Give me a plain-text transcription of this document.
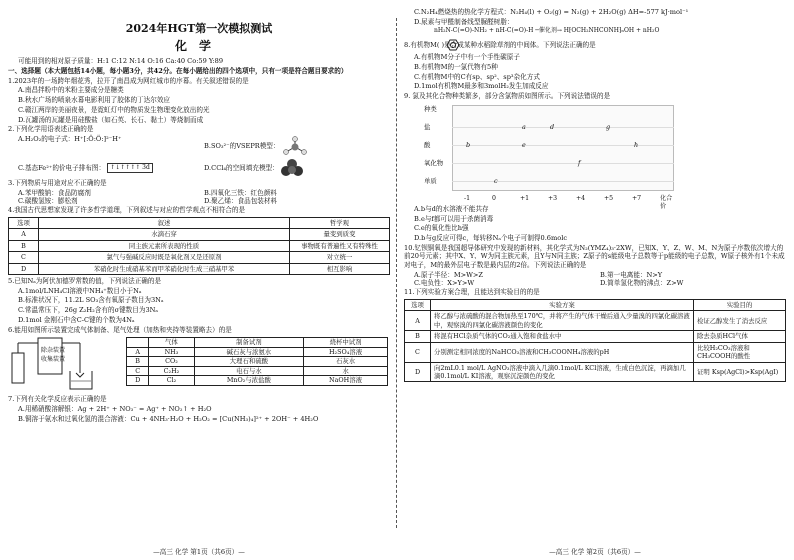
2024年HGT第一次模拟测试
化学
可能用到的相对原子质量：H:1 C:12 N:14 O:16 Ca:40 Co:59 Y:89
一、选择题（本大题包括14小题，每小题3分，共42分。在每小题给出的四个选项中，只有一项是符合题目要求的）
1.2023年的一场跨年烟花秀，拉开了南昌成为网红城市的序幕。有关叙述错误的是
A.南昌拌粉中的米粉主要成分是糖类
B.秋水广场的喷泉水幕电影利用了胶体的丁达尔效应
C.赣江两岸的美丽夜景，是霓虹灯中的物质发生物理变化放出的光
D.瓦罐汤的瓦罐是用硅酸盐（如石英、长石、黏土）等烧制而成
2.下列化学用语表述正确的是
A.H₂O₂的电子式：H⁺[:Ö:Ö:]²⁻H⁺
B.SO₃²⁻的VSEPR模型：
C.基态Fe²⁺的价电子排布图： ↑↓↑↑↑↑ 3d	D.CCl₄的空间填充模型：
3.下列物质与用途对应不正确的是
A.苯甲酸钠：食品防腐剂	B.四氧化三铁：红色颜料
C.碳酸氢铵：膨松剂	D.聚乙烯：食品包装材料
4.我国古代思想家发现了许多哲学道理，下列叙述与对应的哲学观点不相符合的是
选项	叙述	哲学观
A	水滴石穿	量变到质变
B	同主族元素所表现的性质	事物既有普遍性又有特殊性
C	氯气与强碱反应时既是氧化剂又是还原剂	对立统一
D	苯硝化时生成硝基苯而甲苯硝化时生成三硝基甲苯	相互影响
5.已知Nₐ为阿伏加德罗常数的值，下列说法正确的是
A.1mol/LNH₄Cl溶液中NH₄⁺数目小于Nₐ
B.标准状况下，11.2L SO₃含有氧原子数目为3Nₐ
C.常温常压下，26g Z₂H₂含有的σ键数目为3Nₐ
D.1mol 金刚石中含C-C键的个数为4Nₐ
6.能用如图所示装置完成气体制备、尾气处理（加热和夹持等装置略去）的是
除杂装置
收集装置
	气体	制备试剂	烧杯中试剂
A	NH₃	碱石灰与浓氨水	H₂SO₄溶液
B	CO₂	大理石和硫酸	石灰水
C	C₂H₂	电石与水	水
D	Cl₂	MnO₂与浓盐酸	NaOH溶液
7.下列有关化学反应表示正确的是
A.用稀硝酸溶解银：Ag + 2H⁺ + NO₃⁻ = Ag⁺ + NO₂↑ + H₂O
B.铜溶于氨水和过氧化氢的混合溶液：Cu + 4NH₃·H₂O + H₂O₂ = [Cu(NH₃)₄]²⁺ + 2OH⁻ + 4H₂O
—高三 化学 第1页（共6页）—
C.N₂H₄燃烧热的热化学方程式：N₂H₄(l) + O₂(g) = N₂(g) + 2H₂O(g) ΔH=-577 kJ·mol⁻¹
D.尿素与甲醛制备线型脲醛树脂：
nH₂N-C(=O)-NH₂ + nH-C(=O)-H ─催化剂→ H⁅OCH₂NHCONH⁆ₙOH + nH₂O
8.有机物M( )是合成某种水稻除草剂的中间体。下列说法正确的是
A.有机物M分子中有一个手性碳原子
B.有机物M的一氯代物有5种
C.有机物M中的C有sp、sp²、sp³杂化方式
D.1mol有机物M最多和3molH₂发生加成反应
9. 氯及其化合物种类繁多，部分含氯物质如图所示。下列说法错误的是
种类
盐
酸
氧化物
单质
-1	0	+1	+3	+4	+5	+7	化合价
a	d	g
b	e	h
f
c
A.b与d的水溶液不能共存
B.e与f都可以用于杀菌消毒
C.e的氧化性比h强
D.b与g反应可得c，每转移Nₐ个电子可制得0.6molc
10.钇钡铜氧是我国超导体研究中发现的新材料，其化学式为N₂(YMZ₄)₃·2XW，已知X、Y、Z、W、M、N为原子序数依次增大的前20号元素；其中X、Y、W为同主族元素，且Y与N同主族；Z原子的s能级电子总数等于p能级的电子总数，W原子核外有1个未成对电子，M的最外层电子数是最内层的2倍。下列说法正确的是
A.原子半径：M>W>Z	B.第一电离能：N>Y
C.电负性：X>Y>W	D.简单氢化物的沸点：Z>W
11.下列实验方案合理，且能达到实验目的的是
选项	实验方案	实验目的
A	将乙醇与浓硫酸的混合物加热至170℃，并将产生的气体干燥后通入少量溴的四氯化碳溶液中，观察溴的四氯化碳溶液颜色的变化	检证乙醇发生了消去反应
B	将混有HCl杂质气体的CO₂通入饱和食盐水中	除去杂质HCl气体
C	分别测定相同浓度的NaHCO₃溶液和CH₃COONH₄溶液的pH	比较H₂CO₃溶液和CH₃COOH的酸性
D	向2mL0.1 mol/L AgNO₃溶液中滴入几滴0.1mol/L KCl溶液，生成白色沉淀，再滴加几滴0.1mol/L KI溶液，观察沉淀颜色的变化	证明 Ksp(AgCl)>Ksp(AgI)
—高三 化学 第2页（共6页）—
